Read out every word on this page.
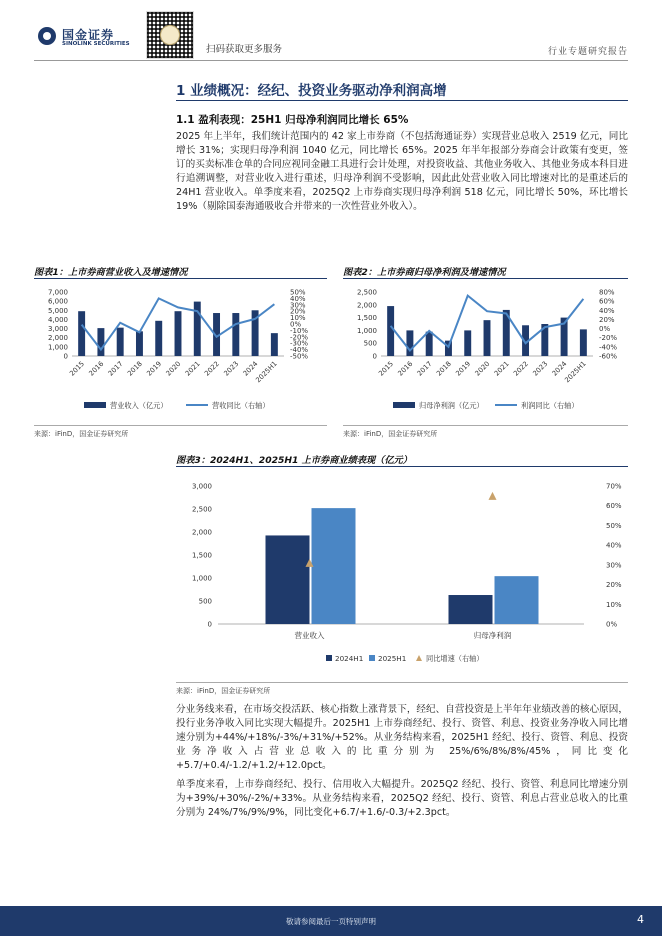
国金证券
SINOLINK SECURITIES	扫码获取更多服务	行业专题研究报告
1 业绩概况：经纪、投资业务驱动净利润高增
1.1 盈利表现：25H1 归母净利润同比增长 65%
2025 年上半年，我们统计范围内的 42 家上市券商（不包括海通证券）实现营业总收入 2519 亿元，同比增长 31%；实现归母净利润 1040 亿元，同比增长 65%。2025 年半年报部分券商会计政策有变更，签订的买卖标准仓单的合同应视同金融工具进行会计处理，对投资收益、其他业务收入、其他业务成本科目进行追溯调整，对营业收入进行重述，归母净利润不受影响，因此此处营业收入同比增速对比的是重述后的 24H1 营业收入。单季度来看，2025Q2 上市券商实现归母净利润 518 亿元，同比增长 50%，环比增长 19%（剔除国泰海通吸收合并带来的一次性营业外收入）。
图表1：上市券商营业收入及增速情况
7,000
6,000
5,000
4,000
3,000
2,000
1,000
0
50%
40%
30%
20%
10%
0%
-10%
-20%
-30%
-40%
-50%
2015 2016 2017 2018 2019 2020 2021 2022 2023 2024
2025H1
营业收入（亿元）	营收同比（右轴）
来源：iFinD，国金证券研究所
图表2：上市券商归母净利润及增速情况
2,500
2,000
1,500
1,000
500
0
80%
60%
40%
20%
0%
-20%
-40%
-60%
2015 2016 2017 2018 2019 2020 2021 2022 2023 2024
2025H1
归母净利润（亿元）	利润同比（右轴）
来源：iFinD，国金证券研究所
图表3：2024H1、2025H1 上市券商业绩表现（亿元）
3,000
2,500
2,000
1,500
1,000
500
0
70%
60%
50%
40%
30%
20%
10%
0%
营业收入	归母净利润
2024H1 2025H1	同比增速（右轴）
来源：iFinD，国金证券研究所
分业务线来看，在市场交投活跃、核心指数上涨背景下，经纪、自营投资是上半年年业绩改善的核心原因，投行业务净收入同比实现大幅提升。2025H1 上市券商经纪、投行、资管、利息、投资业务净收入同比增速分别为+44%/+18%/-3%/+31%/+52%。从业务结构来看，2025H1 经纪、投行、资管、利息、投资业务净收入占营业总收入的比重分别为 25%/6%/8%/8%/45%，同比变化+5.7/+0.4/-1.2/+1.2/+12.0pct。
单季度来看，上市券商经纪、投行、信用收入大幅提升。2025Q2 经纪、投行、资管、利息同比增速分别为+39%/+30%/-2%/+33%。从业务结构来看，2025Q2 经纪、投行、资管、利息占营业总收入的比重分别为 24%/7%/9%/9%，同比变化+6.7/+1.6/-0.3/+2.3pct。
敬请参阅最后一页特别声明	4
